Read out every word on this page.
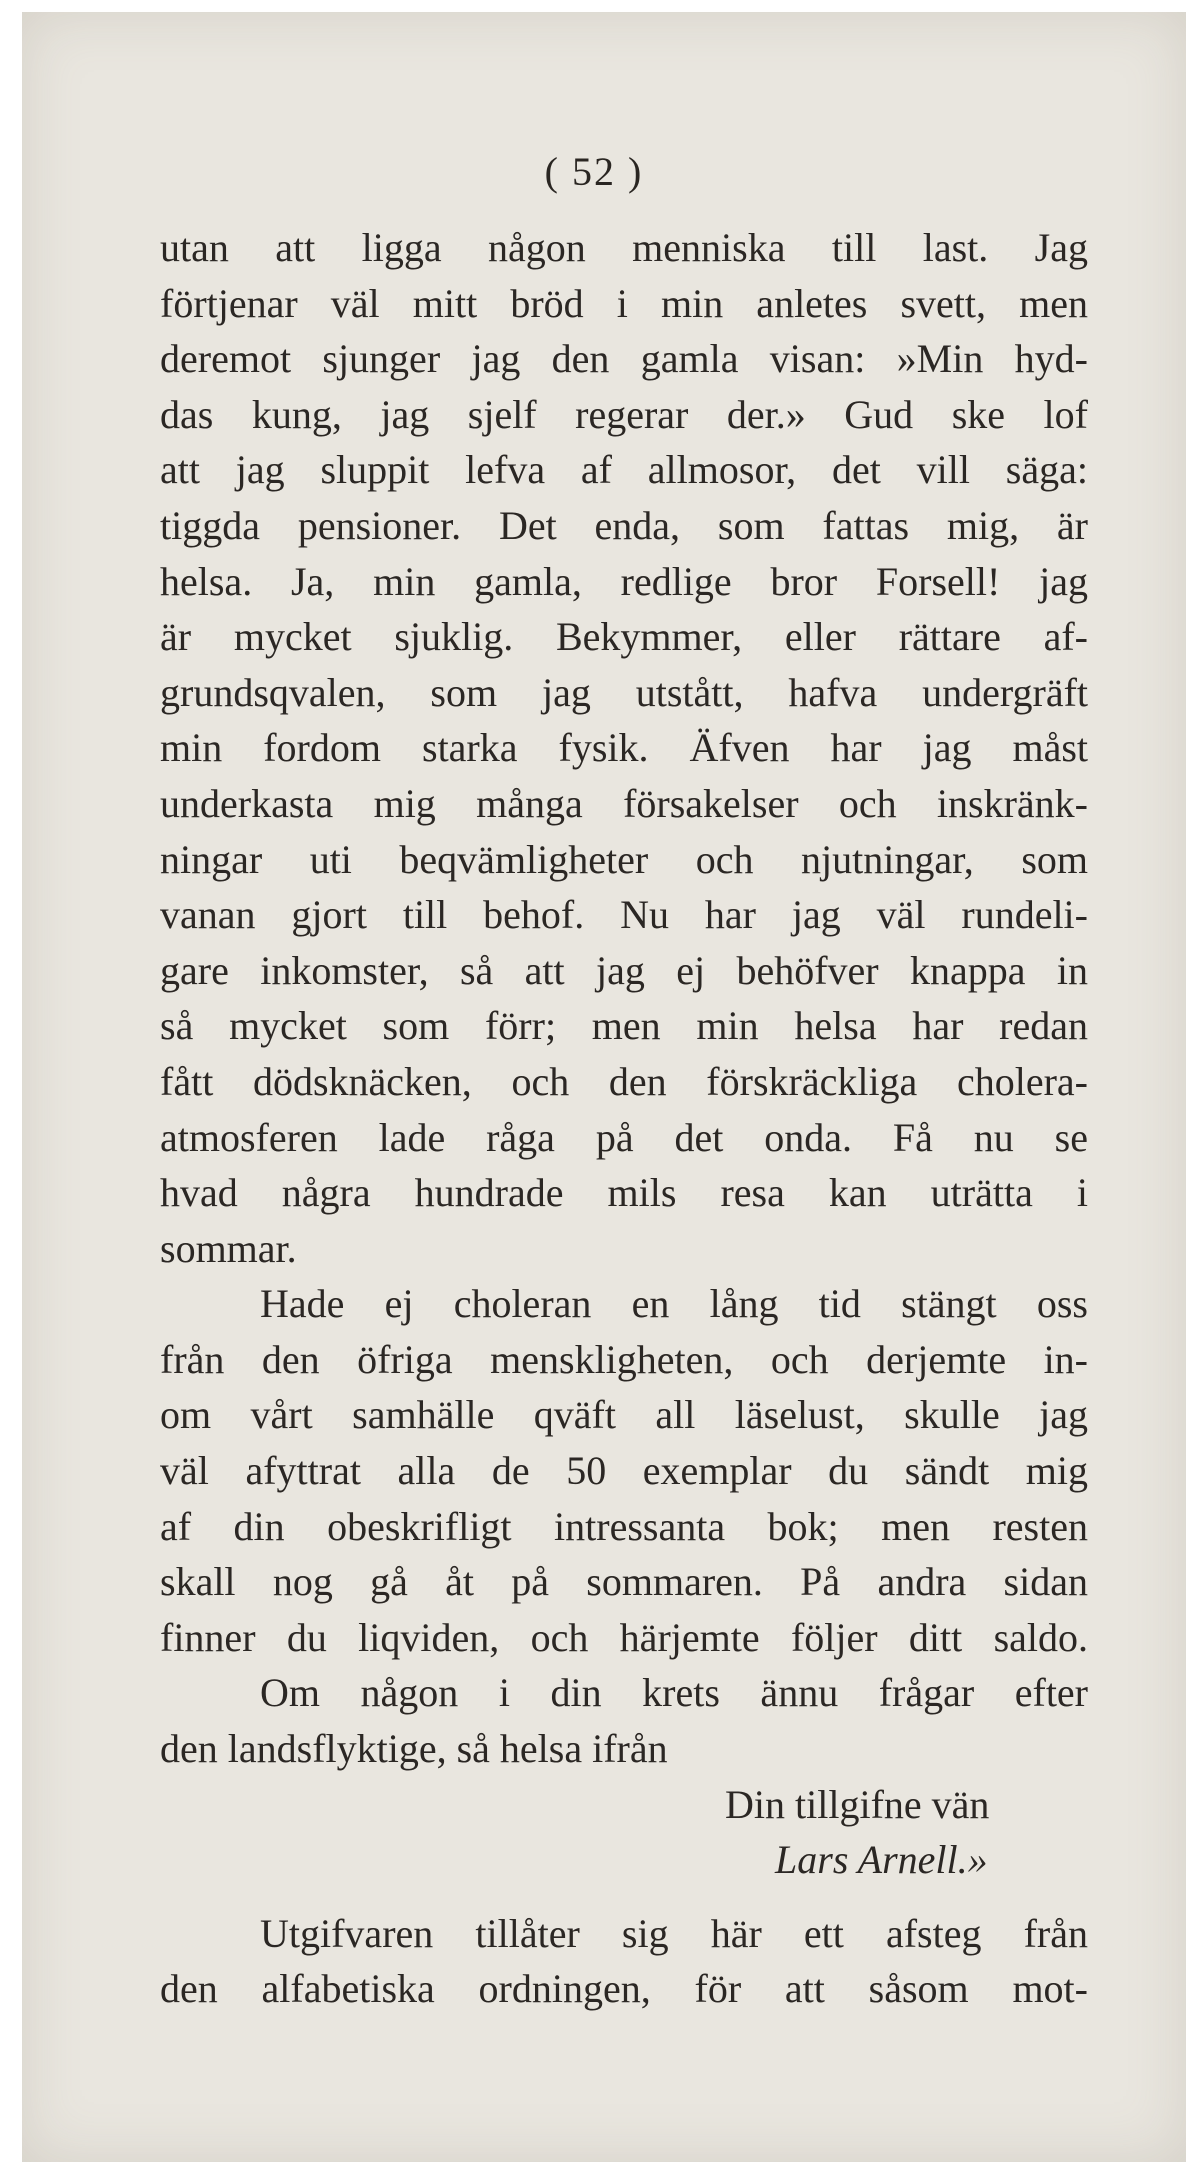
( 52 )
utan att ligga någon menniska till last. Jag
förtjenar väl mitt bröd i min anletes svett, men
deremot sjunger jag den gamla visan: »Min hyd-
das kung, jag sjelf regerar der.» Gud ske lof
att jag sluppit lefva af allmosor, det vill säga:
tiggda pensioner. Det enda, som fattas mig, är
helsa. Ja, min gamla, redlige bror Forsell! jag
är mycket sjuklig. Bekymmer, eller rättare af-
grundsqvalen, som jag utstått, hafva undergräft
min fordom starka fysik. Äfven har jag måst
underkasta mig många försakelser och inskränk-
ningar uti beqvämligheter och njutningar, som
vanan gjort till behof. Nu har jag väl rundeli-
gare inkomster, så att jag ej behöfver knappa in
så mycket som förr; men min helsa har redan
fått dödsknäcken, och den förskräckliga cholera-
atmosferen lade råga på det onda. Få nu se
hvad några hundrade mils resa kan uträtta i
sommar.
Hade ej choleran en lång tid stängt oss
från den öfriga menskligheten, och derjemte in-
om vårt samhälle qväft all läselust, skulle jag
väl afyttrat alla de 50 exemplar du sändt mig
af din obeskrifligt intressanta bok; men resten
skall nog gå åt på sommaren. På andra sidan
finner du liqviden, och härjemte följer ditt saldo.
Om någon i din krets ännu frågar efter
den landsflyktige, så helsa ifrån
Din tillgifne vän
Lars Arnell.»
Utgifvaren tillåter sig här ett afsteg från
den alfabetiska ordningen, för att såsom mot-
